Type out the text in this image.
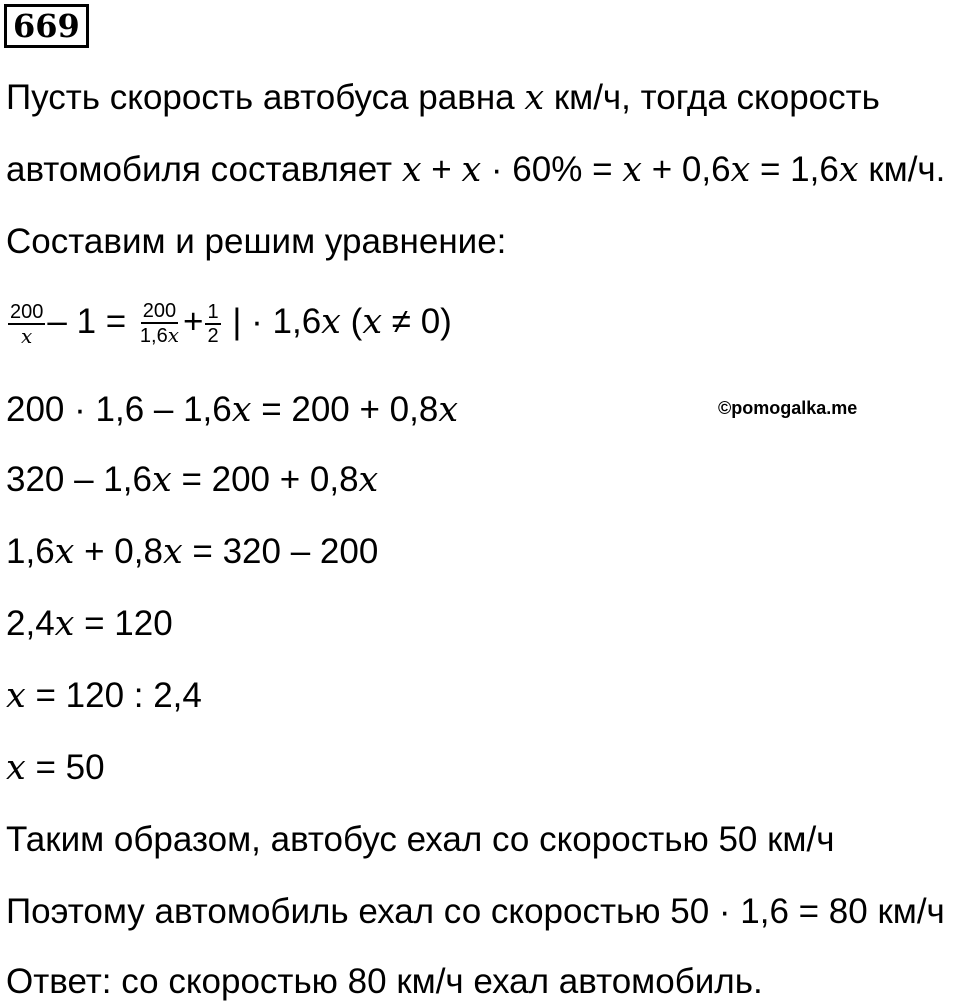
669
Пусть скорость автобуса равна x км/ч, тогда скорость
автомобиля составляет x + x · 60% = x + 0,6x = 1,6x км/ч.
Составим и решим уравнение:
$\frac{200}{x} - 1 = \frac{200}{1,6x} + \frac{1}{2}$ | · 1,6x (x ≠ 0)
200 · 1,6 – 1,6x = 200 + 0,8x	©pomogalka.me
320 – 1,6x = 200 + 0,8x
1,6x + 0,8x = 320 – 200
2,4x = 120
x = 120 : 2,4
x = 50
Таким образом, автобус ехал со скоростью 50 км/ч
Поэтому автомобиль ехал со скоростью 50 · 1,6 = 80 км/ч
Ответ: со скоростью 80 км/ч ехал автомобиль.
